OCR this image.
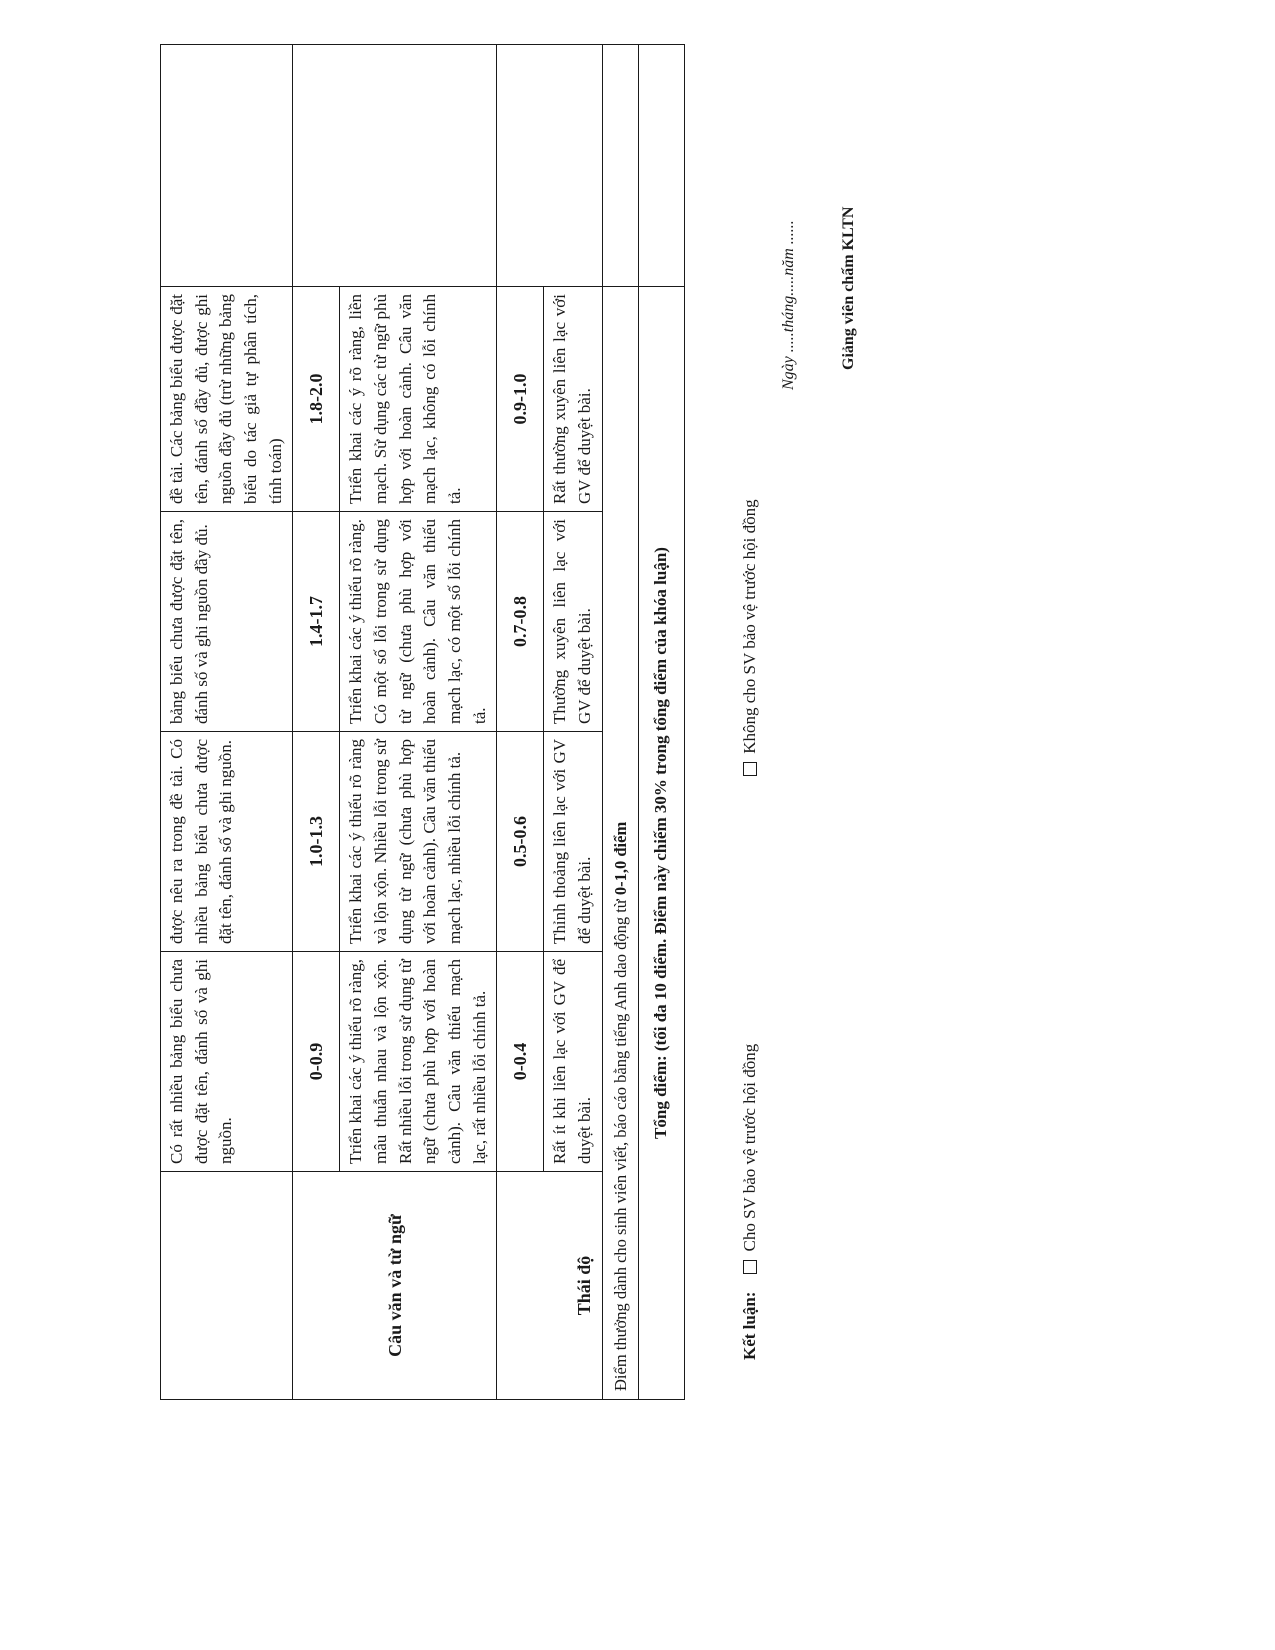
	Có rất nhiều bảng biểu chưa được đặt tên, đánh số và ghi nguồn.	được nêu ra trong đề tài. Có nhiều bảng biểu chưa được đặt tên, đánh số và ghi nguồn.	bảng biểu chưa được đặt tên, đánh số và ghi nguồn đầy đủ.	đề tài. Các bảng biểu được đặt tên, đánh số đầy đủ, được ghi nguồn đầy đủ (trừ những bảng biểu do tác giả tự phân tích, tính toán)	
Câu văn và từ ngữ	0-0.9	1.0-1.3	1.4-1.7	1.8-2.0	
	Triển khai các ý thiếu rõ ràng, mâu thuẫn nhau và lộn xộn. Rất nhiều lỗi trong sử dụng từ ngữ (chưa phù hợp với hoàn cảnh). Câu văn thiếu mạch lạc, rất nhiều lỗi chính tả.	Triển khai các ý thiếu rõ ràng và lộn xộn. Nhiều lỗi trong sử dụng từ ngữ (chưa phù hợp với hoàn cảnh). Câu văn thiếu mạch lạc, nhiều lỗi chính tả.	Triển khai các ý thiếu rõ ràng. Có một số lỗi trong sử dụng từ ngữ (chưa phù hợp với hoàn cảnh). Câu văn thiếu mạch lạc, có một số lỗi chính tả.	Triển khai các ý rõ ràng, liền mạch. Sử dụng các từ ngữ phù hợp với hoàn cảnh. Câu văn mạch lạc, không có lỗi chính tả.	
Thái độ	0-0.4	0.5-0.6	0.7-0.8	0.9-1.0	
	Rất ít khi liên lạc với GV để duyệt bài.	Thỉnh thoảng liên lạc với GV để duyệt bài.	Thường xuyên liên lạc với GV để duyệt bài.	Rất thường xuyên liên lạc với GV để duyệt bài.	
Điểm thưởng dành cho sinh viên viết, báo cáo bằng tiếng Anh dao động từ 0-1,0 điểm					
Tổng điểm: (tối đa 10 điểm. Điểm này chiếm 30% trong tổng điểm của khóa luận)					
Kết luận:
Cho SV bảo vệ trước hội đồng
Không cho SV bảo vệ trước hội đồng
Ngày .....tháng.....năm ......	Giảng viên chấm KLTN
